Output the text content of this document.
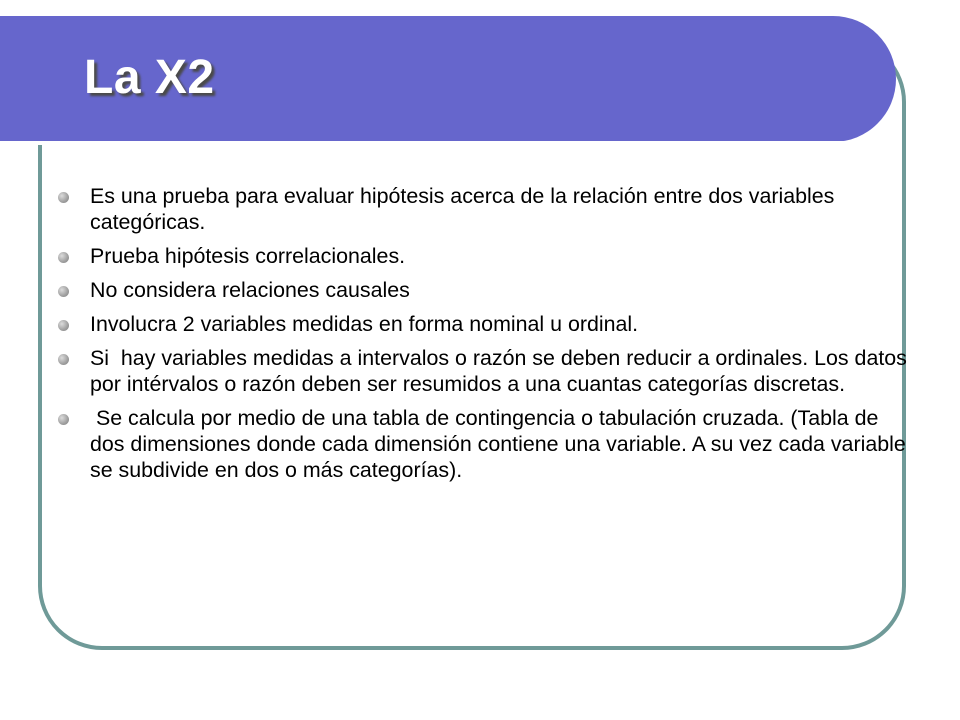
La X2
Es una prueba para evaluar hipótesis acerca de la relación entre dos variables categóricas.
Prueba hipótesis correlacionales.
No considera relaciones causales
Involucra 2 variables medidas en forma nominal u ordinal.
Si  hay variables medidas a intervalos o razón se deben reducir a ordinales. Los datos por intérvalos o razón deben ser resumidos a una cuantas categorías discretas.
Se calcula por medio de una tabla de contingencia o tabulación cruzada. (Tabla de dos dimensiones donde cada dimensión contiene una variable. A su vez cada variable se subdivide en dos o más categorías).
